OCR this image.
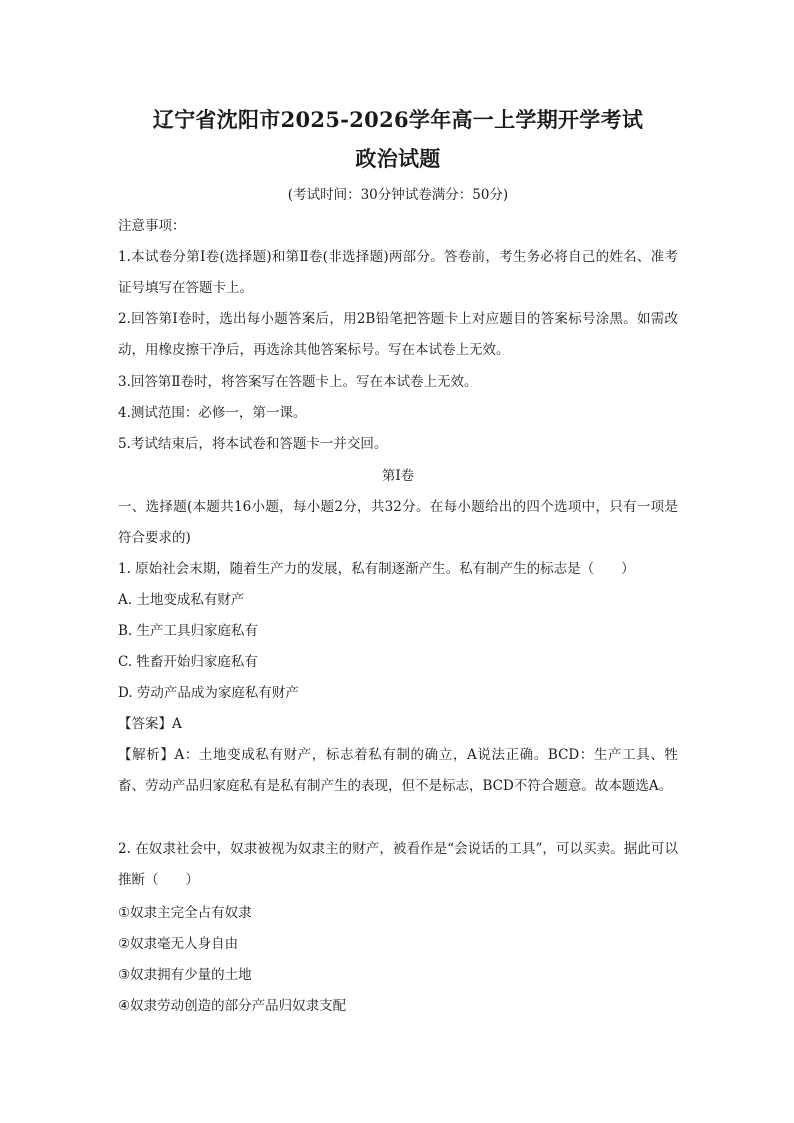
辽宁省沈阳市2025-2026学年高一上学期开学考试
政治试题
(考试时间：30分钟试卷满分：50分)
注意事项：
1.本试卷分第Ⅰ卷(选择题)和第Ⅱ卷(非选择题)两部分。答卷前，考生务必将自己的姓名、准考证号填写在答题卡上。
2.回答第Ⅰ卷时，选出每小题答案后，用2B铅笔把答题卡上对应题目的答案标号涂黑。如需改动，用橡皮擦干净后，再选涂其他答案标号。写在本试卷上无效。
3.回答第Ⅱ卷时，将答案写在答题卡上。写在本试卷上无效。
4.测试范围：必修一，第一课。
5.考试结束后，将本试卷和答题卡一并交回。
第Ⅰ卷
一、选择题(本题共16小题，每小题2分，共32分。在每小题给出的四个选项中，只有一项是符合要求的)
1. 原始社会末期，随着生产力的发展，私有制逐渐产生。私有制产生的标志是（　　）
A. 土地变成私有财产
B. 生产工具归家庭私有
C. 牲畜开始归家庭私有
D. 劳动产品成为家庭私有财产
【答案】A
【解析】A：土地变成私有财产，标志着私有制的确立，A说法正确。BCD：生产工具、牲畜、劳动产品归家庭私有是私有制产生的表现，但不是标志，BCD不符合题意。故本题选A。
2. 在奴隶社会中，奴隶被视为奴隶主的财产，被看作是“会说话的工具”，可以买卖。据此可以推断（　　）
①奴隶主完全占有奴隶
②奴隶毫无人身自由
③奴隶拥有少量的土地
④奴隶劳动创造的部分产品归奴隶支配
